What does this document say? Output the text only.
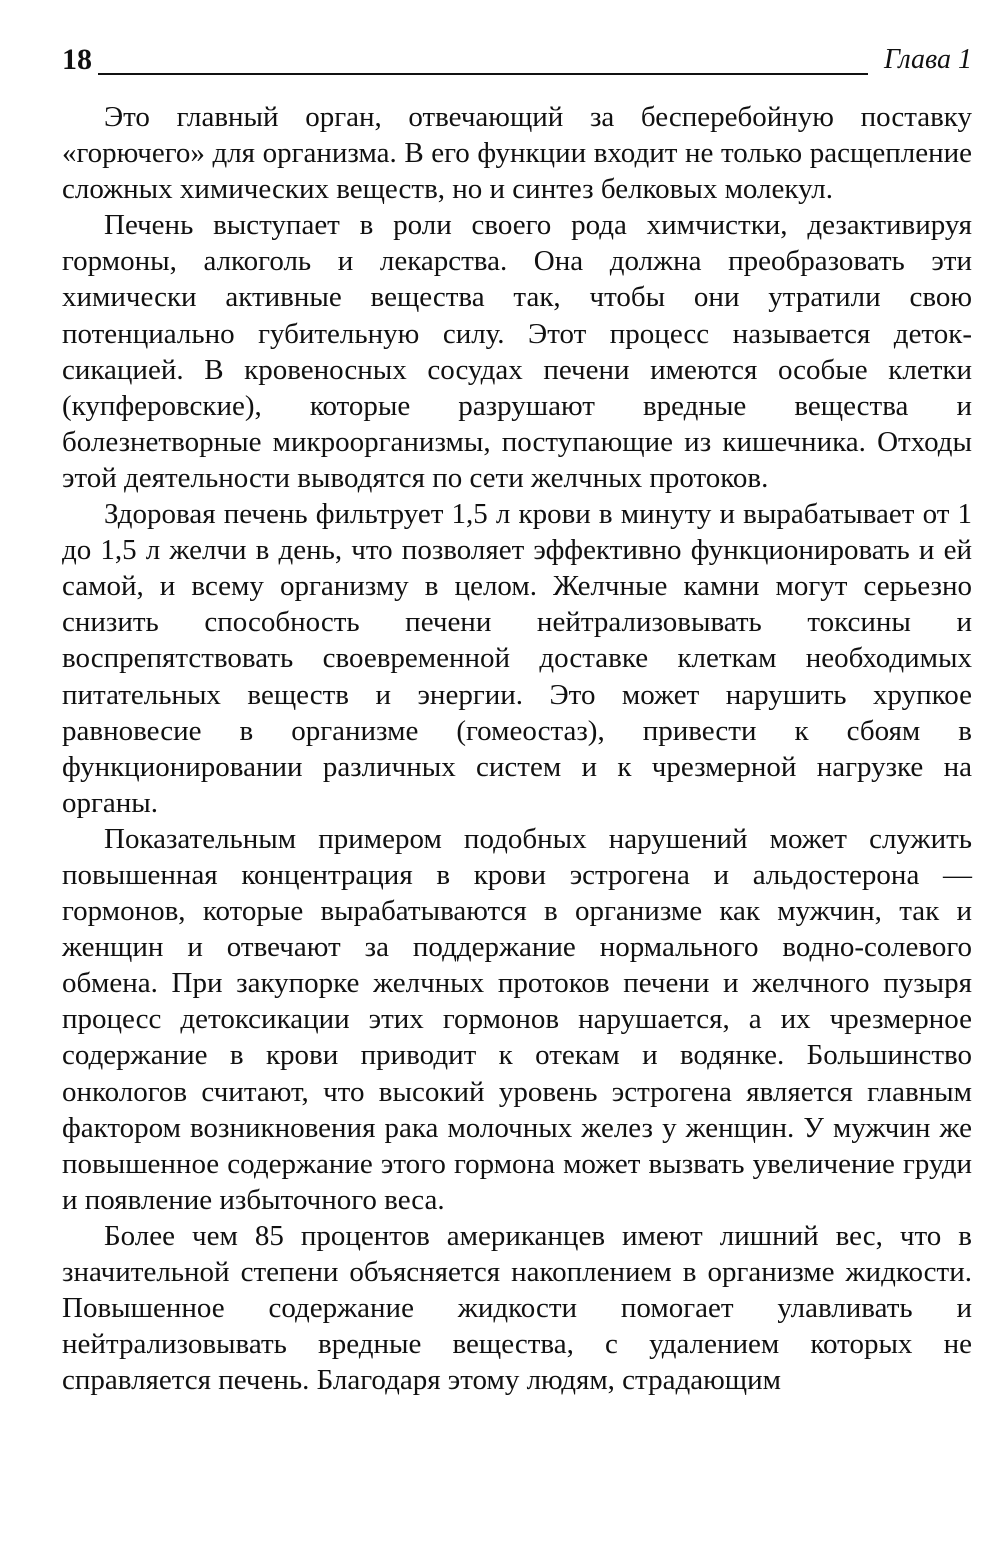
18	Глава 1

Это главный орган, отвечающий за бесперебойную поставку «горючего» для организма. В его функции входит не только расщепление сложных химических веществ, но и синтез белковых молекул.

Печень выступает в роли своего рода химчистки, дезактивируя гормоны, алкоголь и лекарства. Она должна преобразовать эти химически активные вещества так, чтобы они утратили свою потенциально губительную силу. Этот процесс называется детоксикацией. В кровеносных сосудах печени имеются особые клетки (купферовские), которые разрушают вредные вещества и болезнетворные микроорганизмы, поступающие из кишечника. Отходы этой деятельности выводятся по сети желчных протоков.

Здоровая печень фильтрует 1,5 л крови в минуту и вырабатывает от 1 до 1,5 л желчи в день, что позволяет эффективно функционировать и ей самой, и всему организму в целом. Желчные камни могут серьезно снизить способность печени нейтрализовывать токсины и воспрепятствовать своевременной доставке клеткам необходимых питательных веществ и энергии. Это может нарушить хрупкое равновесие в организме (гомеостаз), привести к сбоям в функционировании различных систем и к чрезмерной нагрузке на органы.

Показательным примером подобных нарушений может служить повышенная концентрация в крови эстрогена и альдостерона — гормонов, которые вырабатываются в организме как мужчин, так и женщин и отвечают за поддержание нормального водно-солевого обмена. При закупорке желчных протоков печени и желчного пузыря процесс детоксикации этих гормонов нарушается, а их чрезмерное содержание в крови приводит к отекам и водянке. Большинство онкологов считают, что высокий уровень эстрогена является главным фактором возникновения рака молочных желез у женщин. У мужчин же повышенное содержание этого гормона может вызвать увеличение груди и появление избыточного веса.

Более чем 85 процентов американцев имеют лишний вес, что в значительной степени объясняется накоплением в организме жидкости. Повышенное содержание жидкости помогает улавливать и нейтрализовывать вредные вещества, с удалением которых не справляется печень. Благодаря этому людям, страдающим
